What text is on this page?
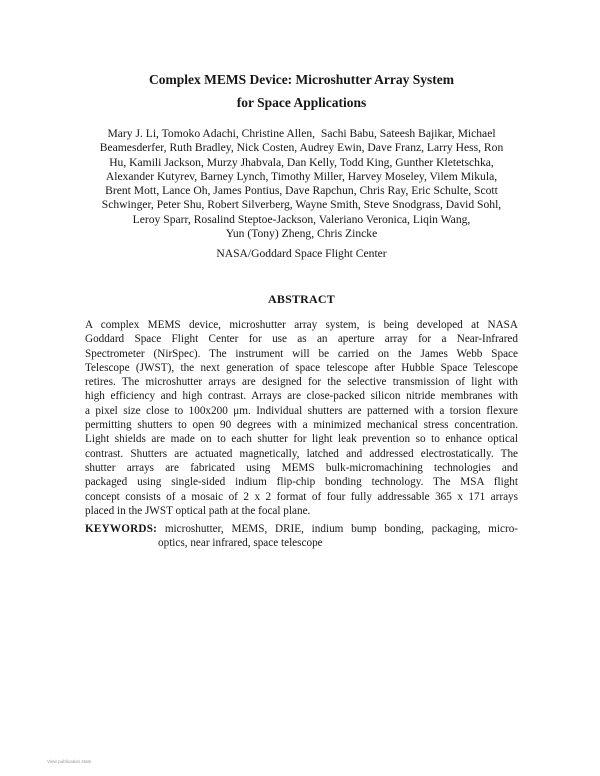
Complex MEMS Device: Microshutter Array System
for Space Applications
Mary J. Li, Tomoko Adachi, Christine Allen,  Sachi Babu, Sateesh Bajikar, Michael
Beamesderfer, Ruth Bradley, Nick Costen, Audrey Ewin, Dave Franz, Larry Hess, Ron
Hu, Kamili Jackson, Murzy Jhabvala, Dan Kelly, Todd King, Gunther Kletetschka,
Alexander Kutyrev, Barney Lynch, Timothy Miller, Harvey Moseley, Vilem Mikula,
Brent Mott, Lance Oh, James Pontius, Dave Rapchun, Chris Ray, Eric Schulte, Scott
Schwinger, Peter Shu, Robert Silverberg, Wayne Smith, Steve Snodgrass, David Sohl,
Leroy Sparr, Rosalind Steptoe-Jackson, Valeriano Veronica, Liqin Wang,
Yun (Tony) Zheng, Chris Zincke
NASA/Goddard Space Flight Center
ABSTRACT
A complex MEMS device, microshutter array system, is being developed at NASA
Goddard Space Flight Center for use as an aperture array for a Near-Infrared
Spectrometer (NirSpec). The instrument will be carried on the James Webb Space
Telescope (JWST), the next generation of space telescope after Hubble Space Telescope
retires. The microshutter arrays are designed for the selective transmission of light with
high efficiency and high contrast. Arrays are close-packed silicon nitride membranes with
a pixel size close to 100x200 μm. Individual shutters are patterned with a torsion flexure
permitting shutters to open 90 degrees with a minimized mechanical stress concentration.
Light shields are made on to each shutter for light leak prevention so to enhance optical
contrast. Shutters are actuated magnetically, latched and addressed electrostatically. The
shutter arrays are fabricated using MEMS bulk-micromachining technologies and
packaged using single-sided indium flip-chip bonding technology. The MSA flight
concept consists of a mosaic of 2 x 2 format of four fully addressable 365 x 171 arrays
placed in the JWST optical path at the focal plane.
KEYWORDS: microshutter, MEMS, DRIE, indium bump bonding, packaging, micro-
optics, near infrared, space telescope
View publication stats
